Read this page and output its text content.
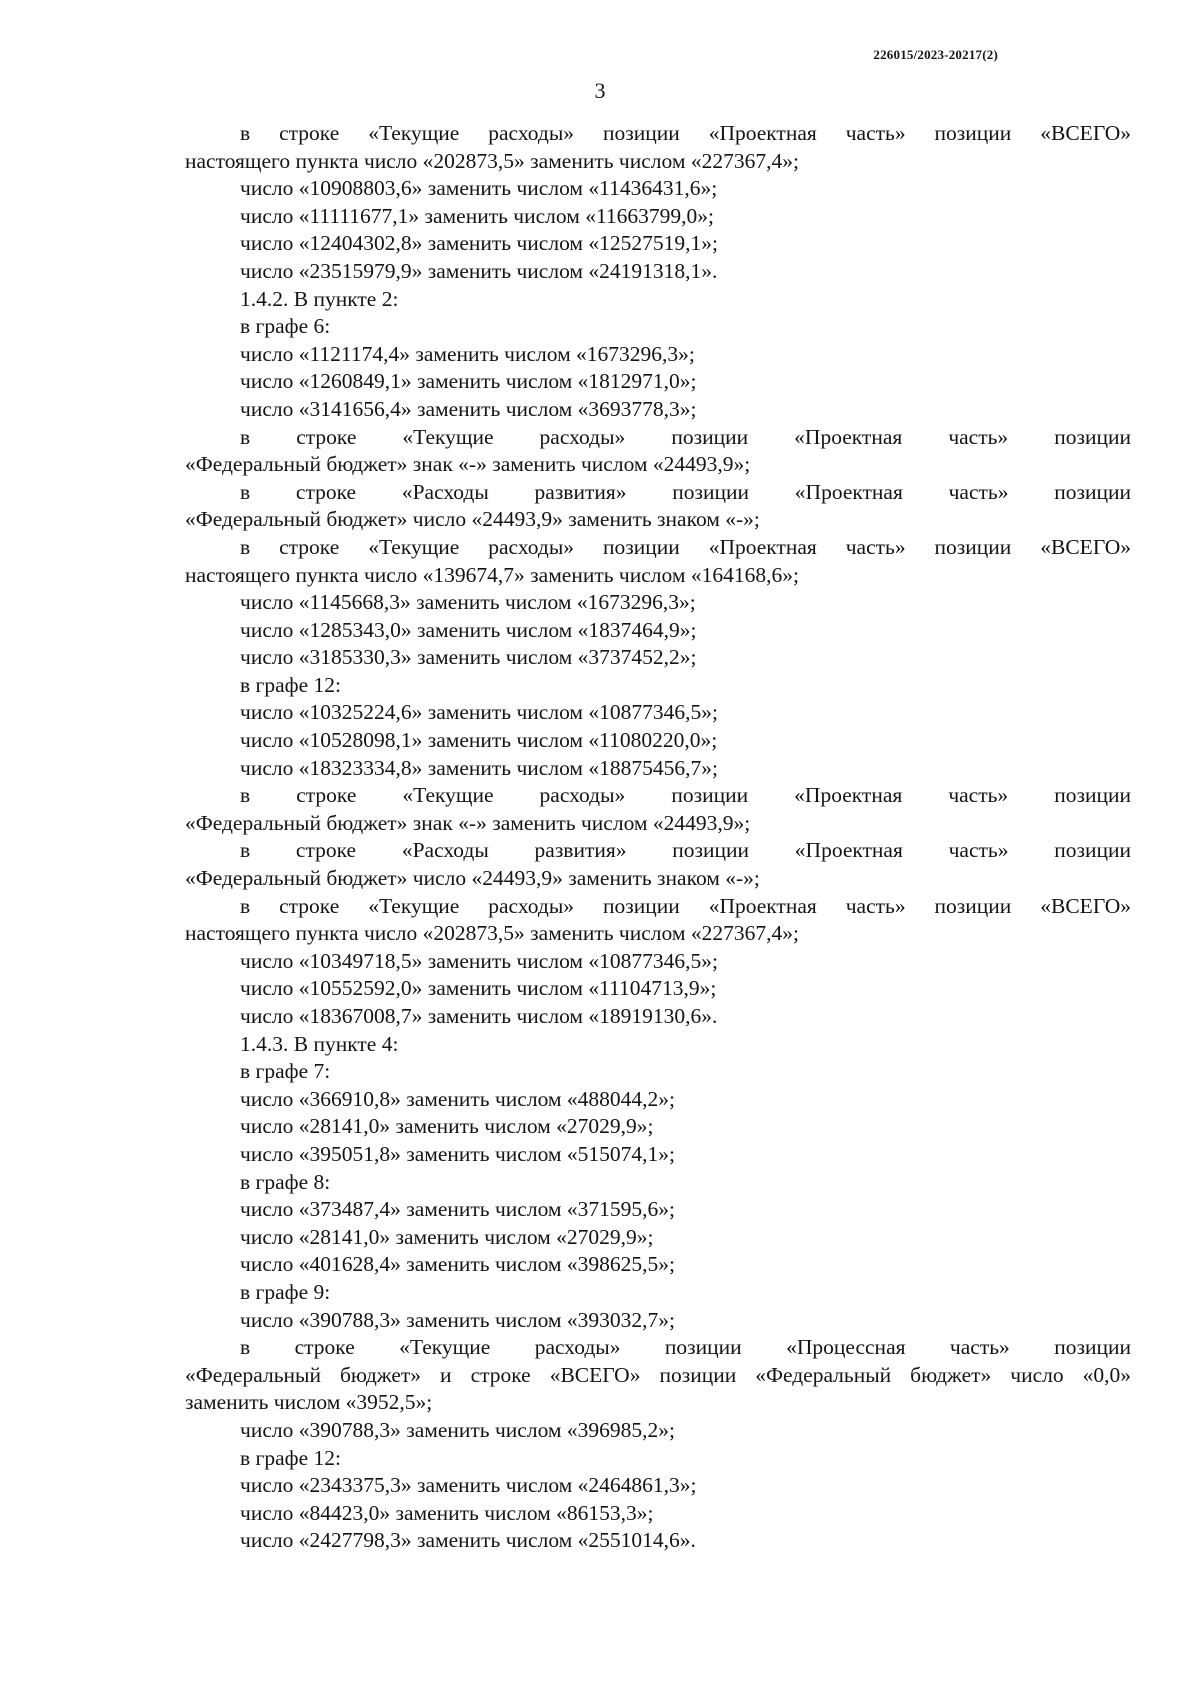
226015/2023-20217(2)
3
в строке «Текущие расходы» позиции «Проектная часть» позиции «ВСЕГО»
настоящего пункта число «202873,5» заменить числом «227367,4»;
число «10908803,6» заменить числом «11436431,6»;
число «11111677,1» заменить числом «11663799,0»;
число «12404302,8» заменить числом «12527519,1»;
число «23515979,9» заменить числом «24191318,1».
1.4.2. В пункте 2:
в графе 6:
число «1121174,4» заменить числом «1673296,3»;
число «1260849,1» заменить числом «1812971,0»;
число «3141656,4» заменить числом «3693778,3»;
в строке «Текущие расходы» позиции «Проектная часть» позиции
«Федеральный бюджет» знак «-» заменить числом «24493,9»;
в строке «Расходы развития» позиции «Проектная часть» позиции
«Федеральный бюджет» число «24493,9» заменить знаком «-»;
в строке «Текущие расходы» позиции «Проектная часть» позиции «ВСЕГО»
настоящего пункта число «139674,7» заменить числом «164168,6»;
число «1145668,3» заменить числом «1673296,3»;
число «1285343,0» заменить числом «1837464,9»;
число «3185330,3» заменить числом «3737452,2»;
в графе 12:
число «10325224,6» заменить числом «10877346,5»;
число «10528098,1» заменить числом «11080220,0»;
число «18323334,8» заменить числом «18875456,7»;
в строке «Текущие расходы» позиции «Проектная часть» позиции
«Федеральный бюджет» знак «-» заменить числом «24493,9»;
в строке «Расходы развития» позиции «Проектная часть» позиции
«Федеральный бюджет» число «24493,9» заменить знаком «-»;
в строке «Текущие расходы» позиции «Проектная часть» позиции «ВСЕГО»
настоящего пункта число «202873,5» заменить числом «227367,4»;
число «10349718,5» заменить числом «10877346,5»;
число «10552592,0» заменить числом «11104713,9»;
число «18367008,7» заменить числом «18919130,6».
1.4.3. В пункте 4:
в графе 7:
число «366910,8» заменить числом «488044,2»;
число «28141,0» заменить числом «27029,9»;
число «395051,8» заменить числом «515074,1»;
в графе 8:
число «373487,4» заменить числом «371595,6»;
число «28141,0» заменить числом «27029,9»;
число «401628,4» заменить числом «398625,5»;
в графе 9:
число «390788,3» заменить числом «393032,7»;
в строке «Текущие расходы» позиции «Процессная часть» позиции
«Федеральный бюджет» и строке «ВСЕГО» позиции «Федеральный бюджет» число «0,0»
заменить числом «3952,5»;
число «390788,3» заменить числом «396985,2»;
в графе 12:
число «2343375,3» заменить числом «2464861,3»;
число «84423,0» заменить числом «86153,3»;
число «2427798,3» заменить числом «2551014,6».
